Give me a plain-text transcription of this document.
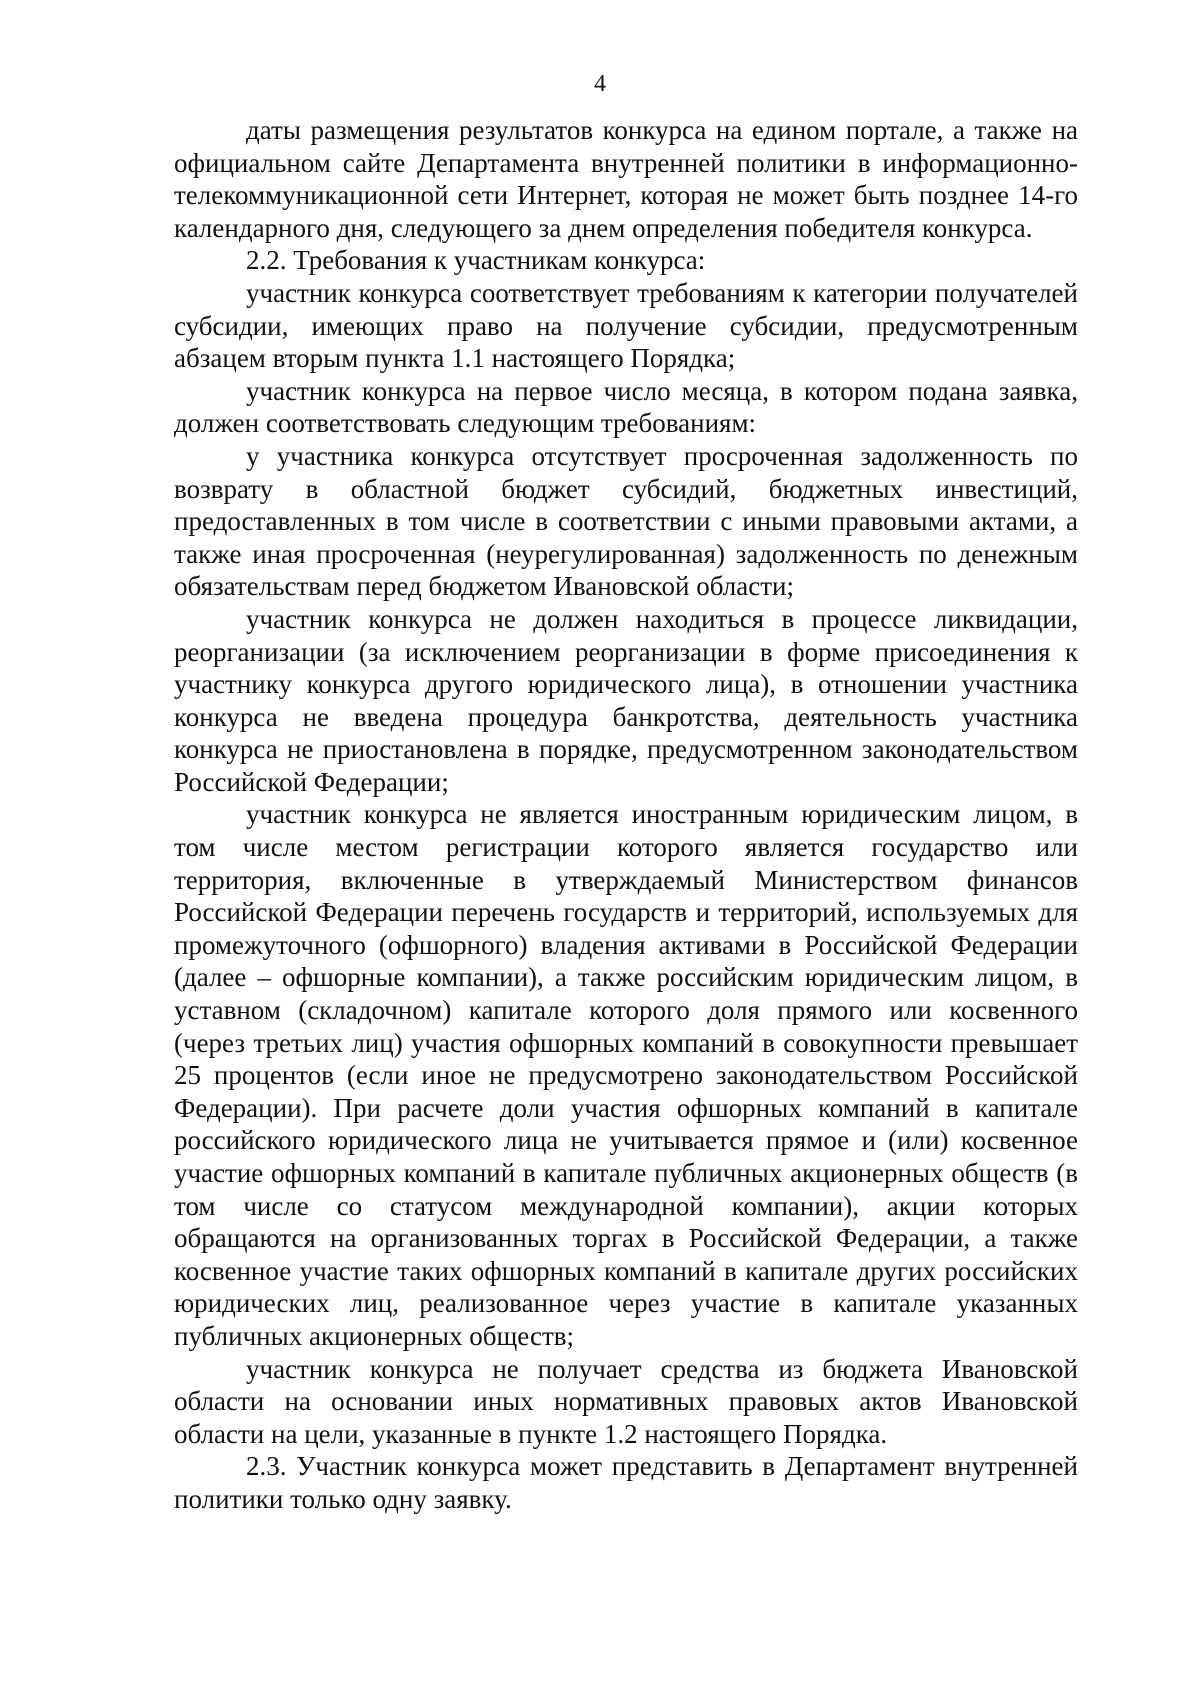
4

даты размещения результатов конкурса на едином портале, а также на официальном сайте Департамента внутренней политики в информационно-телекоммуникационной сети Интернет, которая не может быть позднее 14-го календарного дня, следующего за днем определения победителя конкурса.

2.2. Требования к участникам конкурса:

участник конкурса соответствует требованиям к категории получателей субсидии, имеющих право на получение субсидии, предусмотренным абзацем вторым пункта 1.1 настоящего Порядка;

участник конкурса на первое число месяца, в котором подана заявка, должен соответствовать следующим требованиям:

у участника конкурса отсутствует просроченная задолженность по возврату в областной бюджет субсидий, бюджетных инвестиций, предоставленных в том числе в соответствии с иными правовыми актами, а также иная просроченная (неурегулированная) задолженность по денежным обязательствам перед бюджетом Ивановской области;

участник конкурса не должен находиться в процессе ликвидации, реорганизации (за исключением реорганизации в форме присоединения к участнику конкурса другого юридического лица), в отношении участника конкурса не введена процедура банкротства, деятельность участника конкурса не приостановлена в порядке, предусмотренном законодательством Российской Федерации;

участник конкурса не является иностранным юридическим лицом, в том числе местом регистрации которого является государство или территория, включенные в утверждаемый Министерством финансов Российской Федерации перечень государств и территорий, используемых для промежуточного (офшорного) владения активами в Российской Федерации (далее – офшорные компании), а также российским юридическим лицом, в уставном (складочном) капитале которого доля прямого или косвенного (через третьих лиц) участия офшорных компаний в совокупности превышает 25 процентов (если иное не предусмотрено законодательством Российской Федерации). При расчете доли участия офшорных компаний в капитале российского юридического лица не учитывается прямое и (или) косвенное участие офшорных компаний в капитале публичных акционерных обществ (в том числе со статусом международной компании), акции которых обращаются на организованных торгах в Российской Федерации, а также косвенное участие таких офшорных компаний в капитале других российских юридических лиц, реализованное через участие в капитале указанных публичных акционерных обществ;

участник конкурса не получает средства из бюджета Ивановской области на основании иных нормативных правовых актов Ивановской области на цели, указанные в пункте 1.2 настоящего Порядка.

2.3. Участник конкурса может представить в Департамент внутренней политики только одну заявку.
